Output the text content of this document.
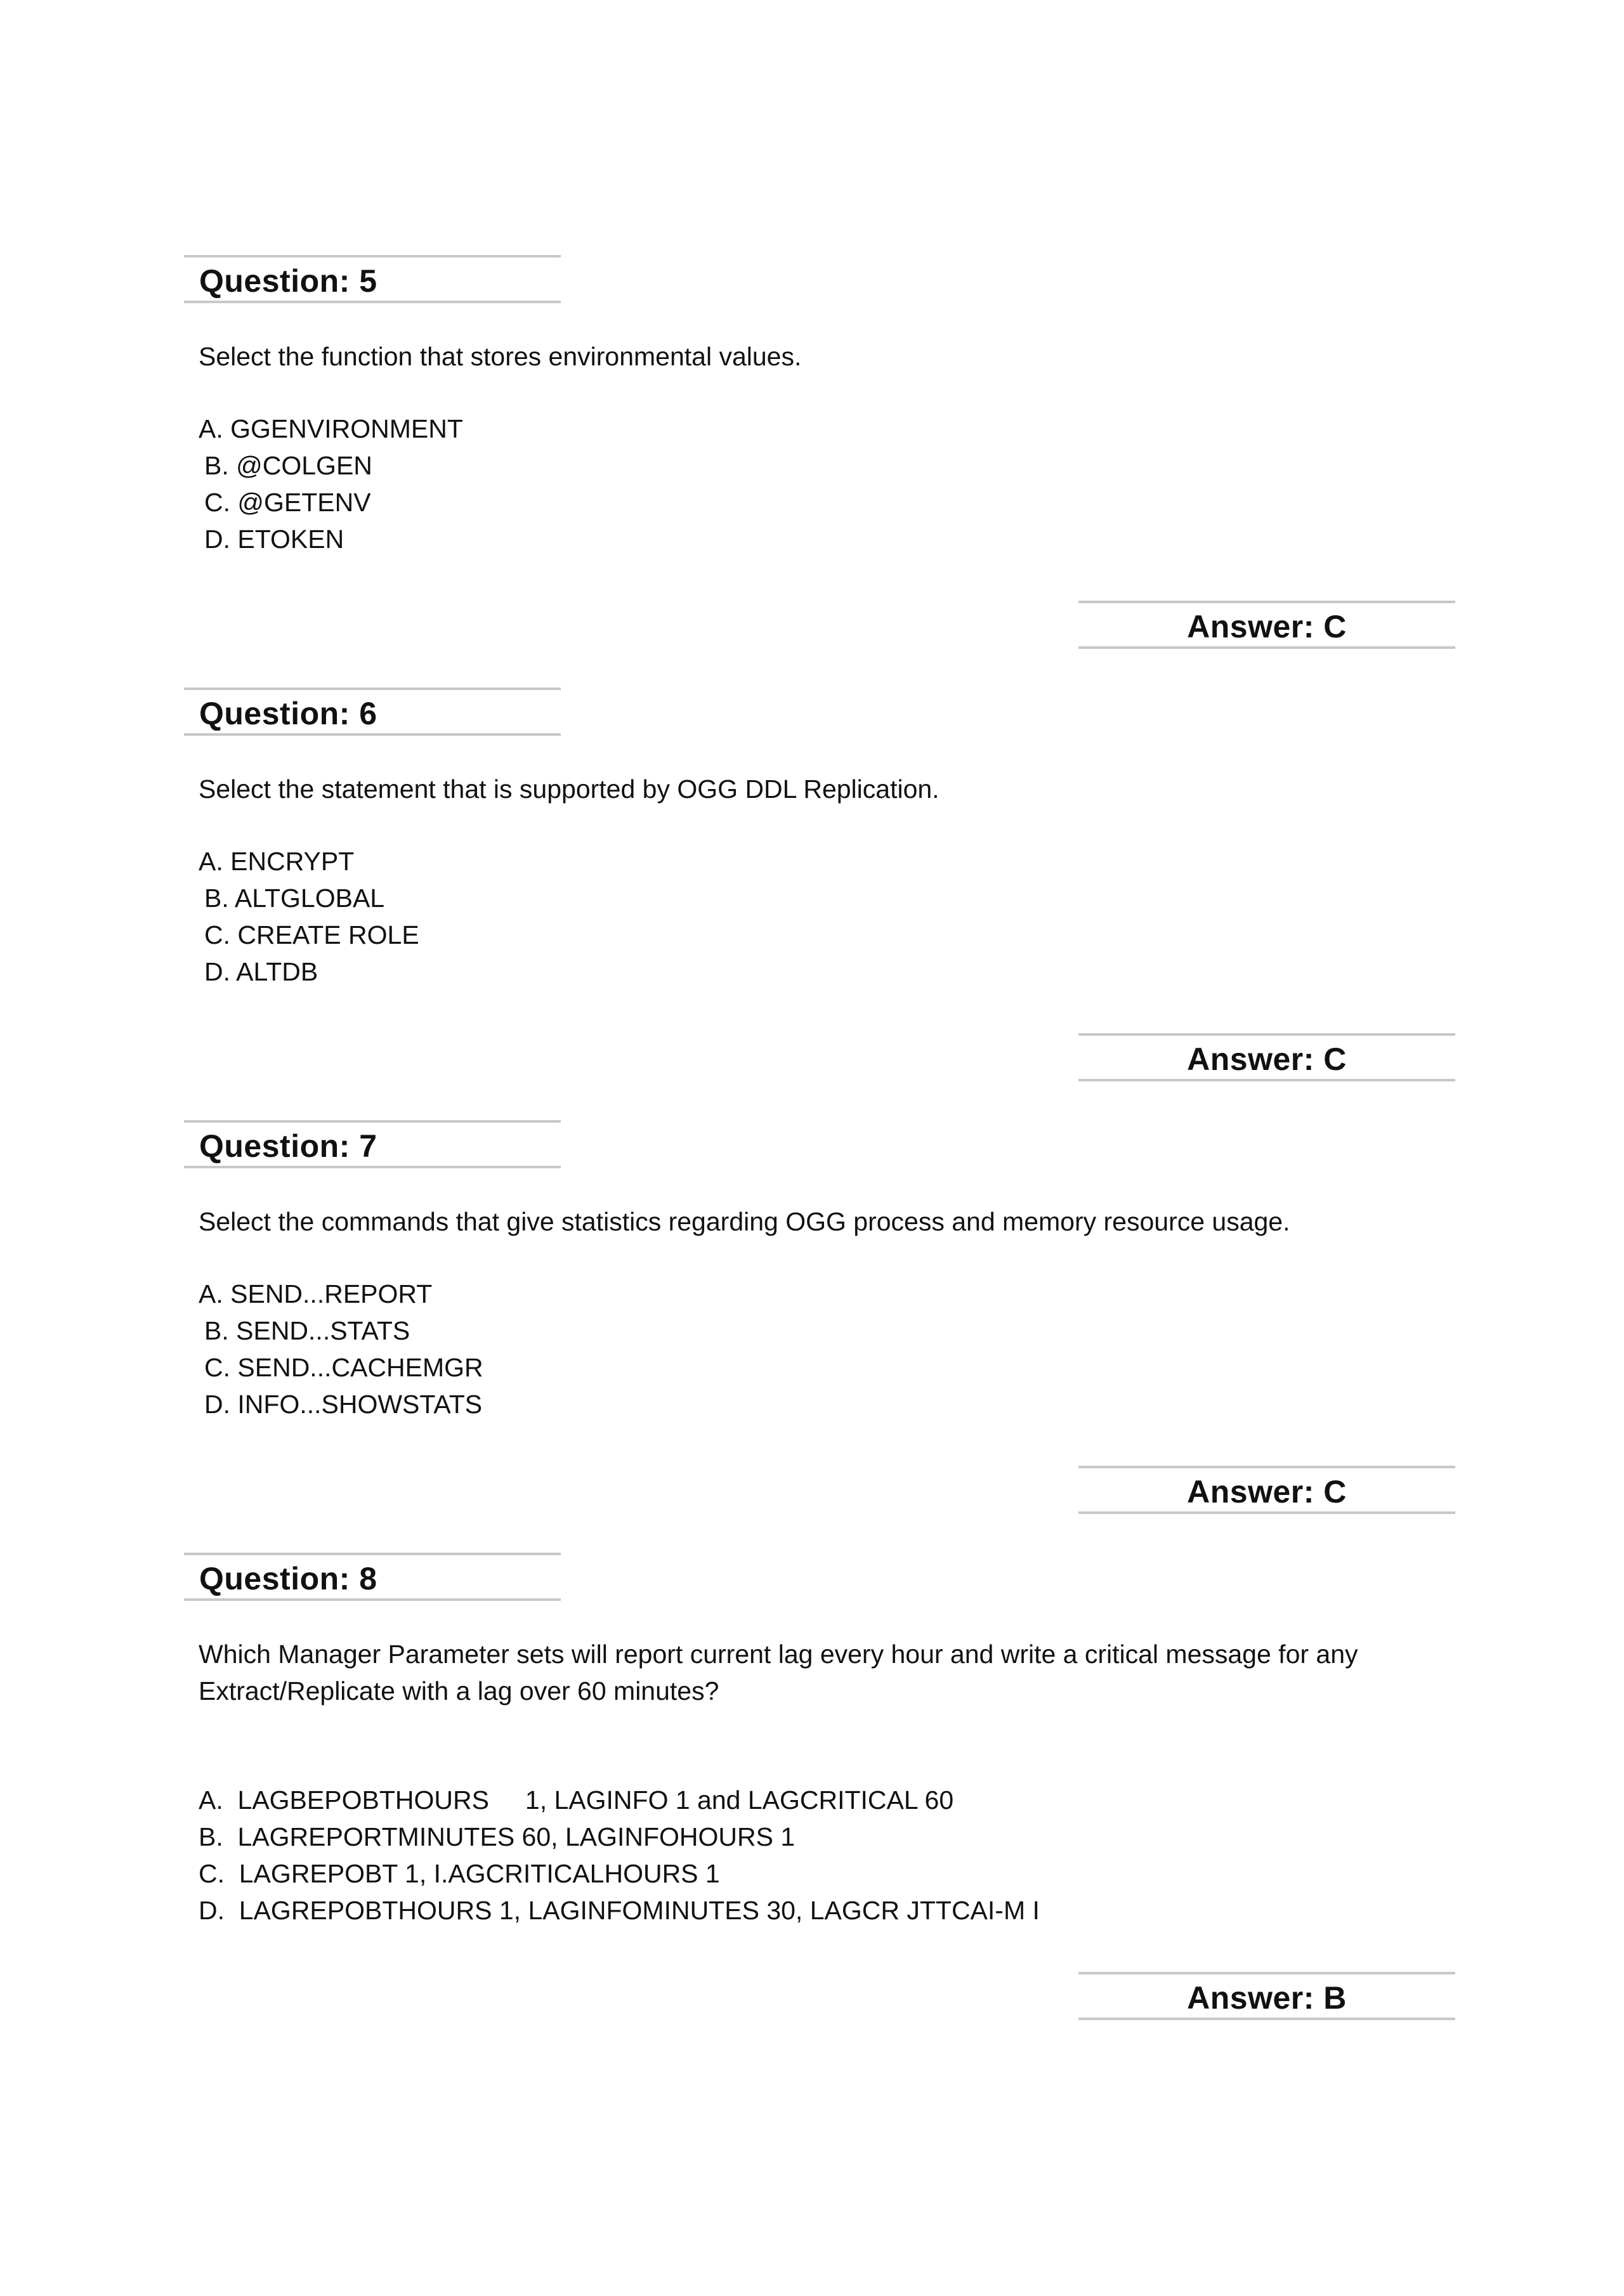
Question: 5
Select the function that stores environmental values.
A. GGENVIRONMENT
B. @COLGEN
C. @GETENV
D. ETOKEN
Answer: C
Question: 6
Select the statement that is supported by OGG DDL Replication.
A. ENCRYPT
B. ALTGLOBAL
C. CREATE ROLE
D. ALTDB
Answer: C
Question: 7
Select the commands that give statistics regarding OGG process and memory resource usage.
A. SEND...REPORT
B. SEND...STATS
C. SEND...CACHEMGR
D. INFO...SHOWSTATS
Answer: C
Question: 8
Which Manager Parameter sets will report current lag every hour and write a critical message for any
Extract/Replicate with a lag over 60 minutes?
A.  LAGBEPOBTHOURS     1, LAGINFO 1 and LAGCRITICAL 60
B.  LAGREPORTMINUTES 60, LAGINFOHOURS 1
C.  LAGREPOBT 1, I.AGCRITICALHOURS 1
D.  LAGREPOBTHOURS 1, LAGINFOMINUTES 30, LAGCR JTTCAI-M I
Answer: B
